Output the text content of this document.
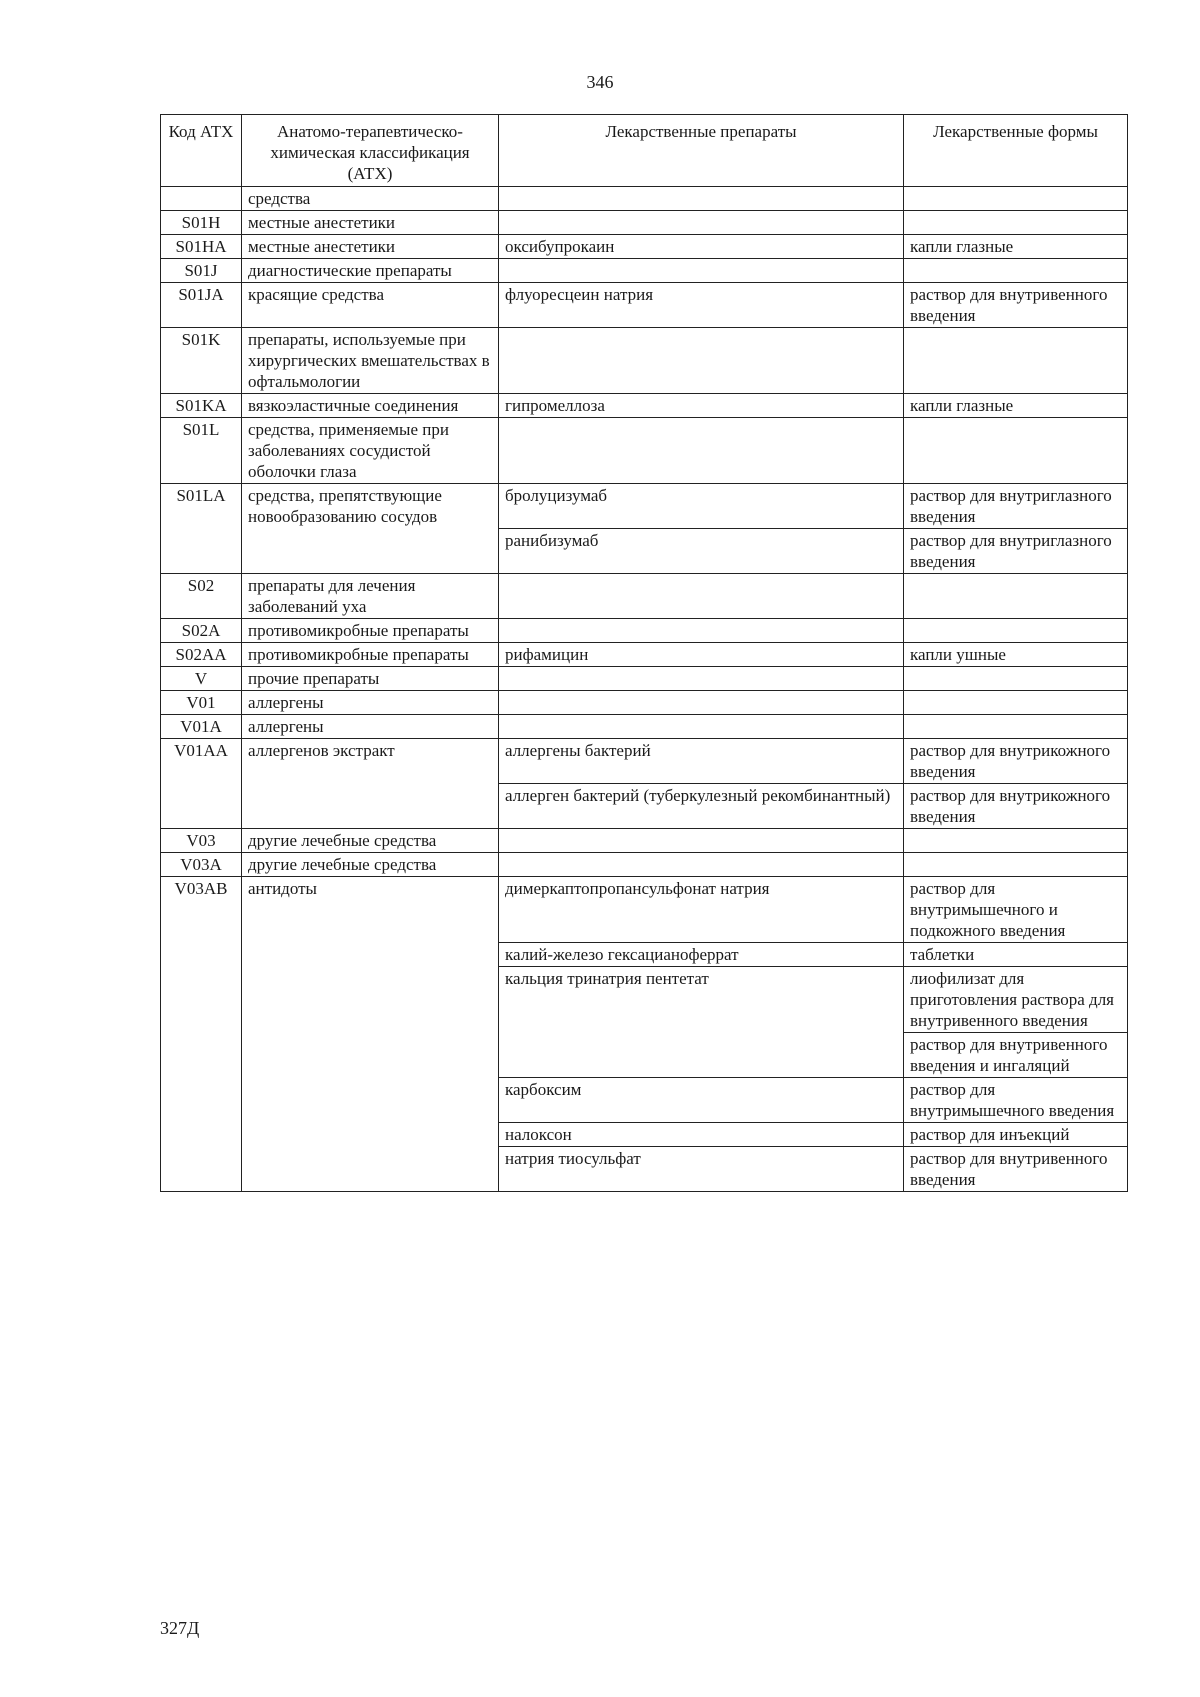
346
Код АТХ	Анатомо-терапевтическо-химическая классификация (АТХ)	Лекарственные препараты	Лекарственные формы
	средства		
S01H	местные анестетики		
S01HA	местные анестетики	оксибупрокаин	капли глазные
S01J	диагностические препараты		
S01JA	красящие средства	флуоресцеин натрия	раствор для внутривенного введения
S01K	препараты, используемые при хирургических вмешательствах в офтальмологии		
S01KA	вязкоэластичные соединения	гипромеллоза	капли глазные
S01L	средства, применяемые при заболеваниях сосудистой оболочки глаза		
S01LA	средства, препятствующие новообразованию сосудов	бролуцизумаб	раствор для внутриглазного введения
		ранибизумаб	раствор для внутриглазного введения
S02	препараты для лечения заболеваний уха		
S02A	противомикробные препараты		
S02AA	противомикробные препараты	рифамицин	капли ушные
V	прочие препараты		
V01	аллергены		
V01A	аллергены		
V01AA	аллергенов экстракт	аллергены бактерий	раствор для внутрикожного введения
		аллерген бактерий (туберкулезный рекомбинантный)	раствор для внутрикожного введения
V03	другие лечебные средства		
V03A	другие лечебные средства		
V03AB	антидоты	димеркаптопропансульфонат натрия	раствор для внутримышечного и подкожного введения
		калий-железо гексацианоферрат	таблетки
		кальция тринатрия пентетат	лиофилизат для приготовления раствора для внутривенного введения
			раствор для внутривенного введения и ингаляций
		карбоксим	раствор для внутримышечного введения
		налоксон	раствор для инъекций
		натрия тиосульфат	раствор для внутривенного введения
327Д
